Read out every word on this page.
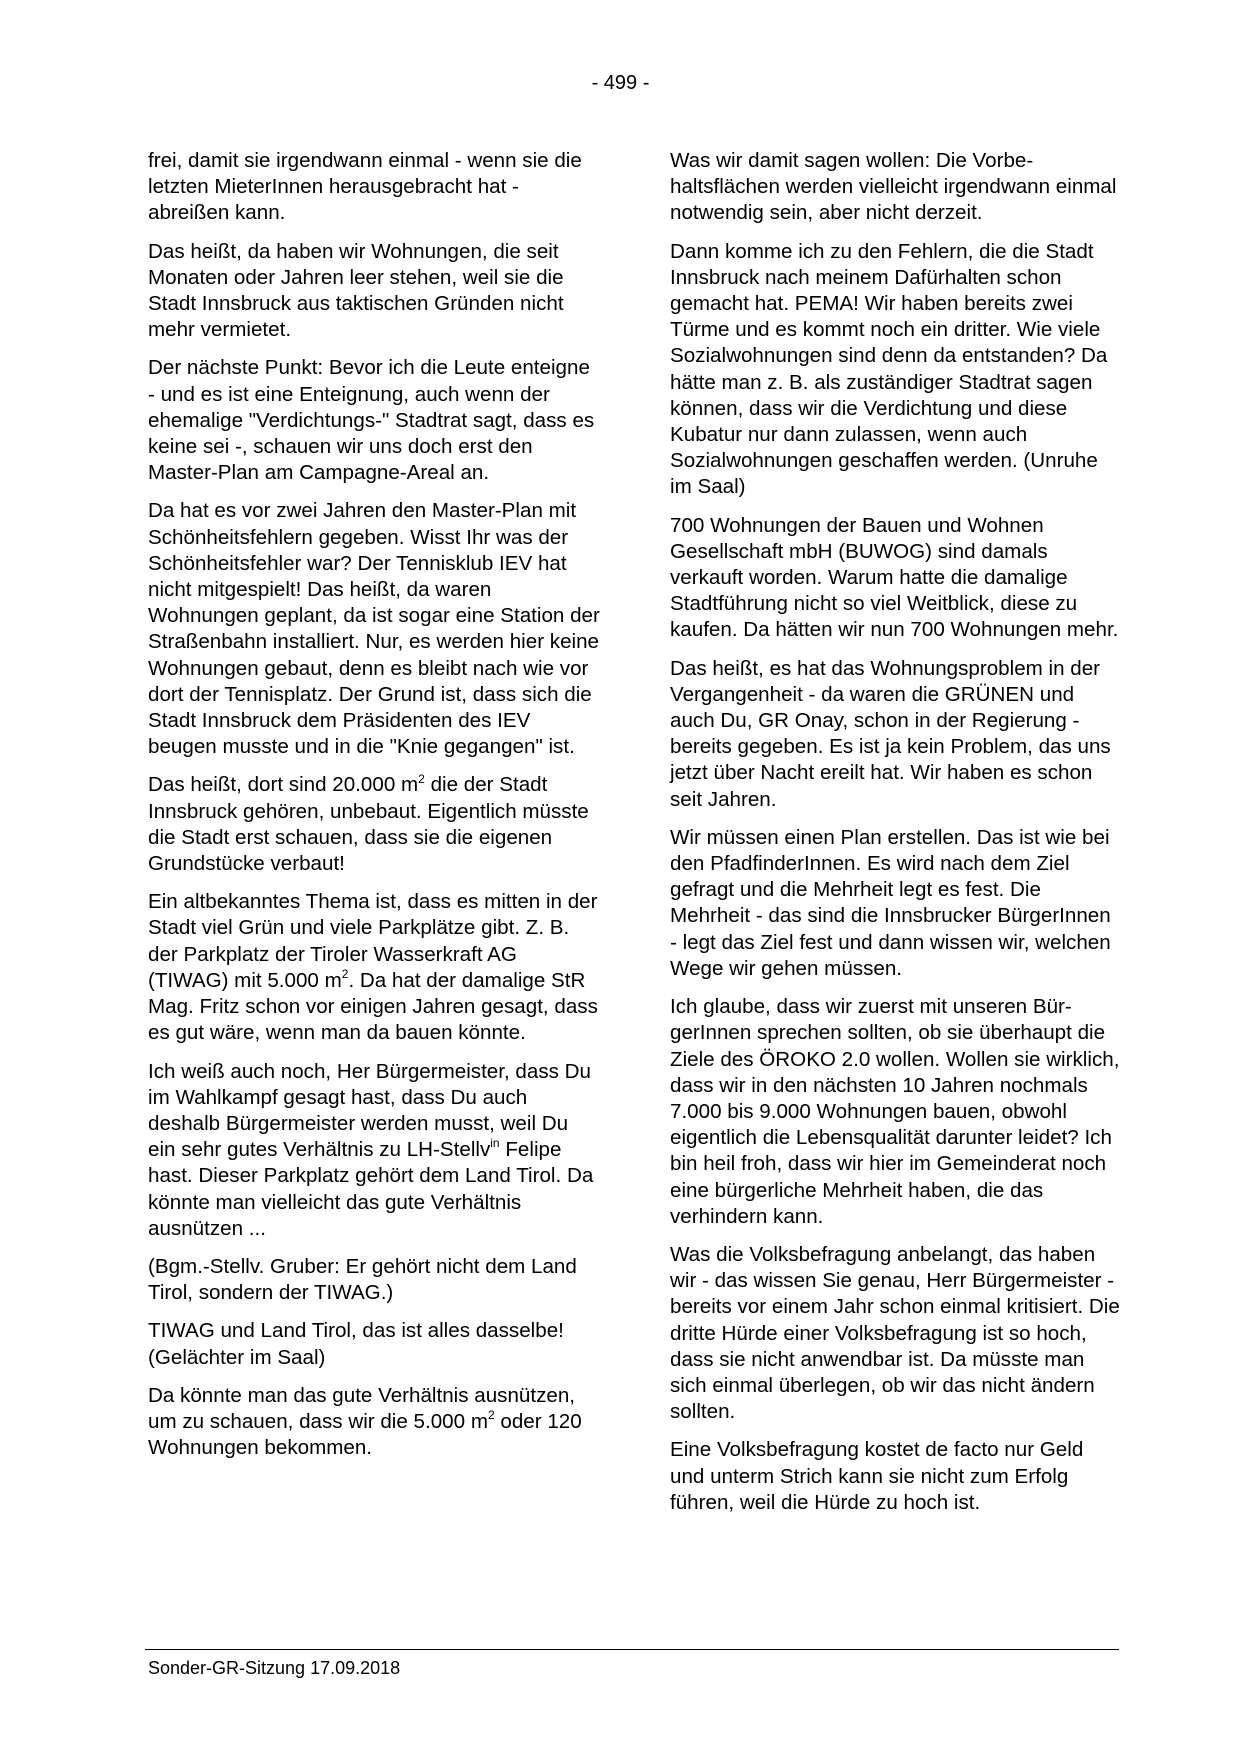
- 499 -

frei, damit sie irgendwann einmal - wenn sie die letzten MieterInnen herausgebracht hat - abreißen kann.

Das heißt, da haben wir Wohnungen, die seit Monaten oder Jahren leer stehen, weil sie die Stadt Innsbruck aus taktischen Gründen nicht mehr vermietet.

Der nächste Punkt: Bevor ich die Leute enteigne - und es ist eine Enteignung, auch wenn der ehemalige "Verdichtungs-" Stadtrat sagt, dass es keine sei -, schauen wir uns doch erst den Master-Plan am Campagne-Areal an.

Da hat es vor zwei Jahren den Master-Plan mit Schönheitsfehlern gegeben. Wisst Ihr was der Schönheitsfehler war? Der Tennisklub IEV hat nicht mitgespielt! Das heißt, da waren Wohnungen geplant, da ist sogar eine Station der Straßenbahn installiert. Nur, es werden hier keine Wohnungen gebaut, denn es bleibt nach wie vor dort der Tennisplatz. Der Grund ist, dass sich die Stadt Innsbruck dem Präsidenten des IEV beugen musste und in die "Knie gegangen" ist.

Das heißt, dort sind 20.000 $m^2$ die der Stadt Innsbruck gehören, unbebaut. Eigentlich müsste die Stadt erst schauen, dass sie die eigenen Grundstücke verbaut!

Ein altbekanntes Thema ist, dass es mitten in der Stadt viel Grün und viele Parkplätze gibt. Z. B. der Parkplatz der Tiroler Wasserkraft AG (TIWAG) mit 5.000 $m^2$. Da hat der damalige StR Mag. Fritz schon vor einigen Jahren gesagt, dass es gut wäre, wenn man da bauen könnte.

Ich weiß auch noch, Her Bürgermeister, dass Du im Wahlkampf gesagt hast, dass Du auch deshalb Bürgermeister werden musst, weil Du ein sehr gutes Verhältnis zu LH-Stellv$^{in}$ Felipe hast. Dieser Parkplatz gehört dem Land Tirol. Da könnte man vielleicht das gute Verhältnis ausnützen ...

(Bgm.-Stellv. Gruber: Er gehört nicht dem Land Tirol, sondern der TIWAG.)

TIWAG und Land Tirol, das ist alles dasselbe! (Gelächter im Saal)

Da könnte man das gute Verhältnis ausnützen, um zu schauen, dass wir die 5.000 $m^2$ oder 120 Wohnungen bekommen.

Was wir damit sagen wollen: Die Vorbehaltsflächen werden vielleicht irgendwann einmal notwendig sein, aber nicht derzeit.

Dann komme ich zu den Fehlern, die die Stadt Innsbruck nach meinem Dafürhalten schon gemacht hat. PEMA! Wir haben bereits zwei Türme und es kommt noch ein dritter. Wie viele Sozialwohnungen sind denn da entstanden? Da hätte man z. B. als zuständiger Stadtrat sagen können, dass wir die Verdichtung und diese Kubatur nur dann zulassen, wenn auch Sozialwohnungen geschaffen werden. (Unruhe im Saal)

700 Wohnungen der Bauen und Wohnen Gesellschaft mbH (BUWOG) sind damals verkauft worden. Warum hatte die damalige Stadtführung nicht so viel Weitblick, diese zu kaufen. Da hätten wir nun 700 Wohnungen mehr.

Das heißt, es hat das Wohnungsproblem in der Vergangenheit - da waren die GRÜNEN und auch Du, GR Onay, schon in der Regierung - bereits gegeben. Es ist ja kein Problem, das uns jetzt über Nacht ereilt hat. Wir haben es schon seit Jahren.

Wir müssen einen Plan erstellen. Das ist wie bei den PfadfinderInnen. Es wird nach dem Ziel gefragt und die Mehrheit legt es fest. Die Mehrheit - das sind die Innsbrucker BürgerInnen - legt das Ziel fest und dann wissen wir, welchen Wege wir gehen müssen.

Ich glaube, dass wir zuerst mit unseren BürgerInnen sprechen sollten, ob sie überhaupt die Ziele des ÖROKO 2.0 wollen. Wollen sie wirklich, dass wir in den nächsten 10 Jahren nochmals 7.000 bis 9.000 Wohnungen bauen, obwohl eigentlich die Lebensqualität darunter leidet? Ich bin heil froh, dass wir hier im Gemeinderat noch eine bürgerliche Mehrheit haben, die das verhindern kann.

Was die Volksbefragung anbelangt, das haben wir - das wissen Sie genau, Herr Bürgermeister - bereits vor einem Jahr schon einmal kritisiert. Die dritte Hürde einer Volksbefragung ist so hoch, dass sie nicht anwendbar ist. Da müsste man sich einmal überlegen, ob wir das nicht ändern sollten.

Eine Volksbefragung kostet de facto nur Geld und unterm Strich kann sie nicht zum Erfolg führen, weil die Hürde zu hoch ist.

Sonder-GR-Sitzung 17.09.2018
